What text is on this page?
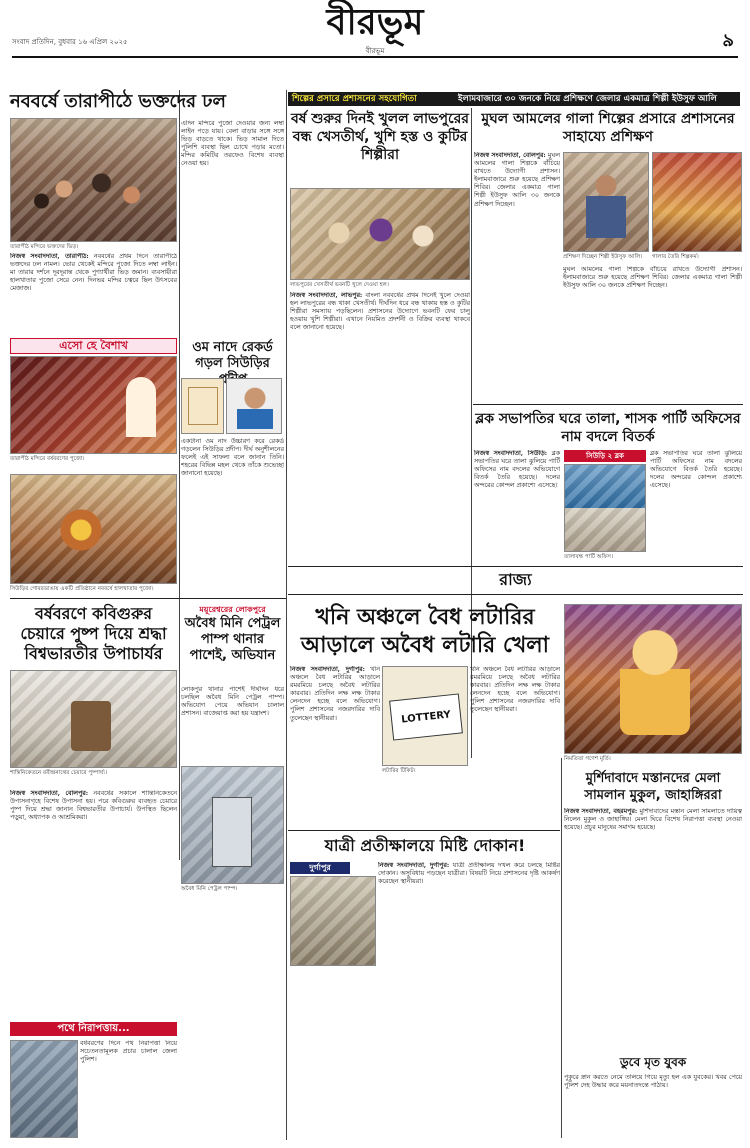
সংবাদ প্রতিদিন, বুধবার ১৬ এপ্রিল ২০২৫	বীরভূম
বীরভূম	৯
নববর্ষে তারাপীঠে ভক্তদের ঢল
তারাপীঠ মন্দিরে ভক্তদের ভিড়।
নিজস্ব সংবাদদাতা, তারাপীঠ: নববর্ষের প্রথম দিনে তারাপীঠে ভক্তদের ঢল নামল। ভোর থেকেই মন্দিরে পুজো দিতে লম্বা লাইন। মা তারার দর্শনে দূরদূরান্ত থেকে পুণ্যার্থীরা ভিড় জমান। ব্যবসায়ীরা হালখাতার পুজো সেরে নেন। দিনভর মন্দির চত্বরে ছিল উৎসবের মেজাজ।
এদিন মন্দিরে পুজো দেওয়ার জন্য লম্বা লাইন পড়ে যায়। বেলা বাড়ার সঙ্গে সঙ্গে ভিড় বাড়তে থাকে। ভিড় সামাল দিতে পুলিশি ব্যবস্থা ছিল চোখে পড়ার মতো। মন্দির কমিটির তরফেও বিশেষ ব্যবস্থা নেওয়া হয়।
এসো হে বৈশাখ
তারাপীঠ মন্দিরে বর্ষবরণের পুজো।
সিউড়ির গোবরডাঙায় একটি প্রতিষ্ঠানে নববর্ষে হালখাতার পুজো।
ওম নাদে রেকর্ড গড়ল সিউড়ির
একটানা ওম নাদ উচ্চারণ করে রেকর্ড গড়লেন সিউড়ির প্রদীপ। দীর্ঘ অনুশীলনের ফলেই এই সাফল্য বলে জানান তিনি। শহরের বিভিন্ন মহল থেকে তাঁকে শুভেচ্ছা জানানো হয়েছে।
বর্ষবরণে কবিগুরুর চেয়ারে পুষ্প দিয়ে শ্রদ্ধা বিশ্বভারতীর উপাচার্যর
শান্তিনিকেতনে রবীন্দ্রনাথের চেয়ারে পুষ্পার্ঘ্য।
নিজস্ব সংবাদদাতা, বোলপুর: নববর্ষের সকালে শান্তিনিকেতনে উপাসনাগৃহে বিশেষ উপাসনা হয়। পরে কবিগুরুর ব্যবহৃত চেয়ারে পুষ্প দিয়ে শ্রদ্ধা জানান বিশ্বভারতীর উপাচার্য। উপস্থিত ছিলেন পড়ুয়া, অধ্যাপক ও আশ্রমিকরা।
পথে নিরাপত্তায়...
বর্ষবরণের দিনে পথ নিরাপত্তা নিয়ে সচেতনতামূলক প্রচার চালাল জেলা পুলিশ।
ময়ূরেশ্বরের লোকপুরে
অবৈধ মিনি পেট্রল পাম্প থানার পাশেই, অভিযান
লোকপুর থানার পাশেই দীর্ঘদিন ধরে চলছিল অবৈধ মিনি পেট্রল পাম্প। অভিযোগ পেয়ে অভিযান চালাল প্রশাসন। বাজেয়াপ্ত করা হয় যন্ত্রাংশ।
অবৈধ মিনি পেট্রল পাম্প।
শিল্পের প্রসারে প্রশাসনের সহযোগিতা	ইলামবাজারে ৩০ জনকে নিয়ে প্রশিক্ষণে জেলার একমাত্র শিল্পী ইউসুফ আলি
বর্ষ শুরুর দিনই খুলল লাভপুরের বন্ধ খেসতীর্থ, খুশি হস্ত ও কুটির শিল্পীরা
লাভপুরের খেসতীর্থ ভবনটি খুলে দেওয়া হল।
নিজস্ব সংবাদদাতা, লাভপুর: বাংলা নববর্ষের প্রথম দিনেই খুলে দেওয়া হল লাভপুরের বন্ধ থাকা খেসতীর্থ। দীর্ঘদিন ধরে বন্ধ থাকায় হস্ত ও কুটির শিল্পীরা সমস্যায় পড়ছিলেন। প্রশাসনের উদ্যোগে ভবনটি ফের চালু হওয়ায় খুশি শিল্পীরা। এখানে নিয়মিত প্রদর্শনী ও বিক্রির ব্যবস্থা থাকবে বলে জানানো হয়েছে।
মুঘল আমলের গালা শিল্পের প্রসারে প্রশাসনের সাহায্যে প্রশিক্ষণ
নিজস্ব সংবাদদাতা, বোলপুর: মুঘল আমলের গালা শিল্পকে বাঁচিয়ে রাখতে উদ্যোগী প্রশাসন। ইলামবাজারে শুরু হয়েছে প্রশিক্ষণ শিবির। জেলার একমাত্র গালা শিল্পী ইউসুফ আলি ৩০ জনকে প্রশিক্ষণ দিচ্ছেন।
প্রশিক্ষণ দিচ্ছেন শিল্পী ইউসুফ আলি।	গালার তৈরি শিল্পকর্ম।
মুঘল আমলের গালা শিল্পকে বাঁচিয়ে রাখতে উদ্যোগী প্রশাসন। ইলামবাজারে শুরু হয়েছে প্রশিক্ষণ শিবির। জেলার একমাত্র গালা শিল্পী ইউসুফ আলি ৩০ জনকে প্রশিক্ষণ দিচ্ছেন।
ব্লক সভাপতির ঘরে তালা, শাসক পার্টি অফিসের নাম বদলে বিতর্ক
সিউড়ি ২ ব্লক
নিজস্ব সংবাদদাতা, সিউড়ি: ব্লক সভাপতির ঘরে তালা ঝুলিয়ে পার্টি অফিসের নাম বদলের অভিযোগে বিতর্ক তৈরি হয়েছে। দলের অন্দরের কোন্দল প্রকাশ্যে এসেছে।
তালাবন্ধ পার্টি অফিস।
ব্লক সভাপতির ঘরে তালা ঝুলিয়ে পার্টি অফিসের নাম বদলের অভিযোগে বিতর্ক তৈরি হয়েছে। দলের অন্দরের কোন্দল প্রকাশ্যে এসেছে।
রাজ্য
খনি অঞ্চলে বৈধ লটারির আড়ালে অবৈধ লটারি খেলা
নিজস্ব সংবাদদাতা, দুর্গাপুর: খনি অঞ্চলে বৈধ লটারির আড়ালে রমরমিয়ে চলছে অবৈধ লটারির কারবার। প্রতিদিন লক্ষ লক্ষ টাকার লেনদেন হচ্ছে বলে অভিযোগ। পুলিশ প্রশাসনের নজরদারির দাবি তুলেছেন স্থানীয়রা।	LOTTERY
লটারির টিকিট।
খনি অঞ্চলে বৈধ লটারির আড়ালে রমরমিয়ে চলছে অবৈধ লটারির কারবার। প্রতিদিন লক্ষ লক্ষ টাকার লেনদেন হচ্ছে বলে অভিযোগ। পুলিশ প্রশাসনের নজরদারির দাবি তুলেছেন স্থানীয়রা।
নিমতিতা গণেশ মূর্তি।
মুর্শিদাবাদে মস্তানদের মেলা সামলান মুকুল, জাহাঙ্গিররা
নিজস্ব সংবাদদাতা, বহরমপুর: মুর্শিদাবাদের মস্তান মেলা সামলাতে দায়িত্ব নিলেন মুকুল ও জাহাঙ্গির। মেলা ঘিরে বিশেষ নিরাপত্তা ব্যবস্থা নেওয়া হয়েছে। প্রচুর মানুষের সমাগম হয়েছে।
যাত্রী প্রতীক্ষালয়ে মিষ্টি দোকান!
দুর্গাপুর	নিজস্ব সংবাদদাতা, দুর্গাপুর: যাত্রী প্রতীক্ষালয় দখল করে চলছে মিষ্টির দোকান। অসুবিধায় পড়ছেন যাত্রীরা। বিষয়টি নিয়ে প্রশাসনের দৃষ্টি আকর্ষণ করেছেন স্থানীয়রা।
ডুবে মৃত যুবক
পুকুরে স্নান করতে নেমে তলিয়ে গিয়ে মৃত্যু হল এক যুবকের। খবর পেয়ে পুলিশ দেহ উদ্ধার করে ময়নাতদন্তে পাঠায়।
